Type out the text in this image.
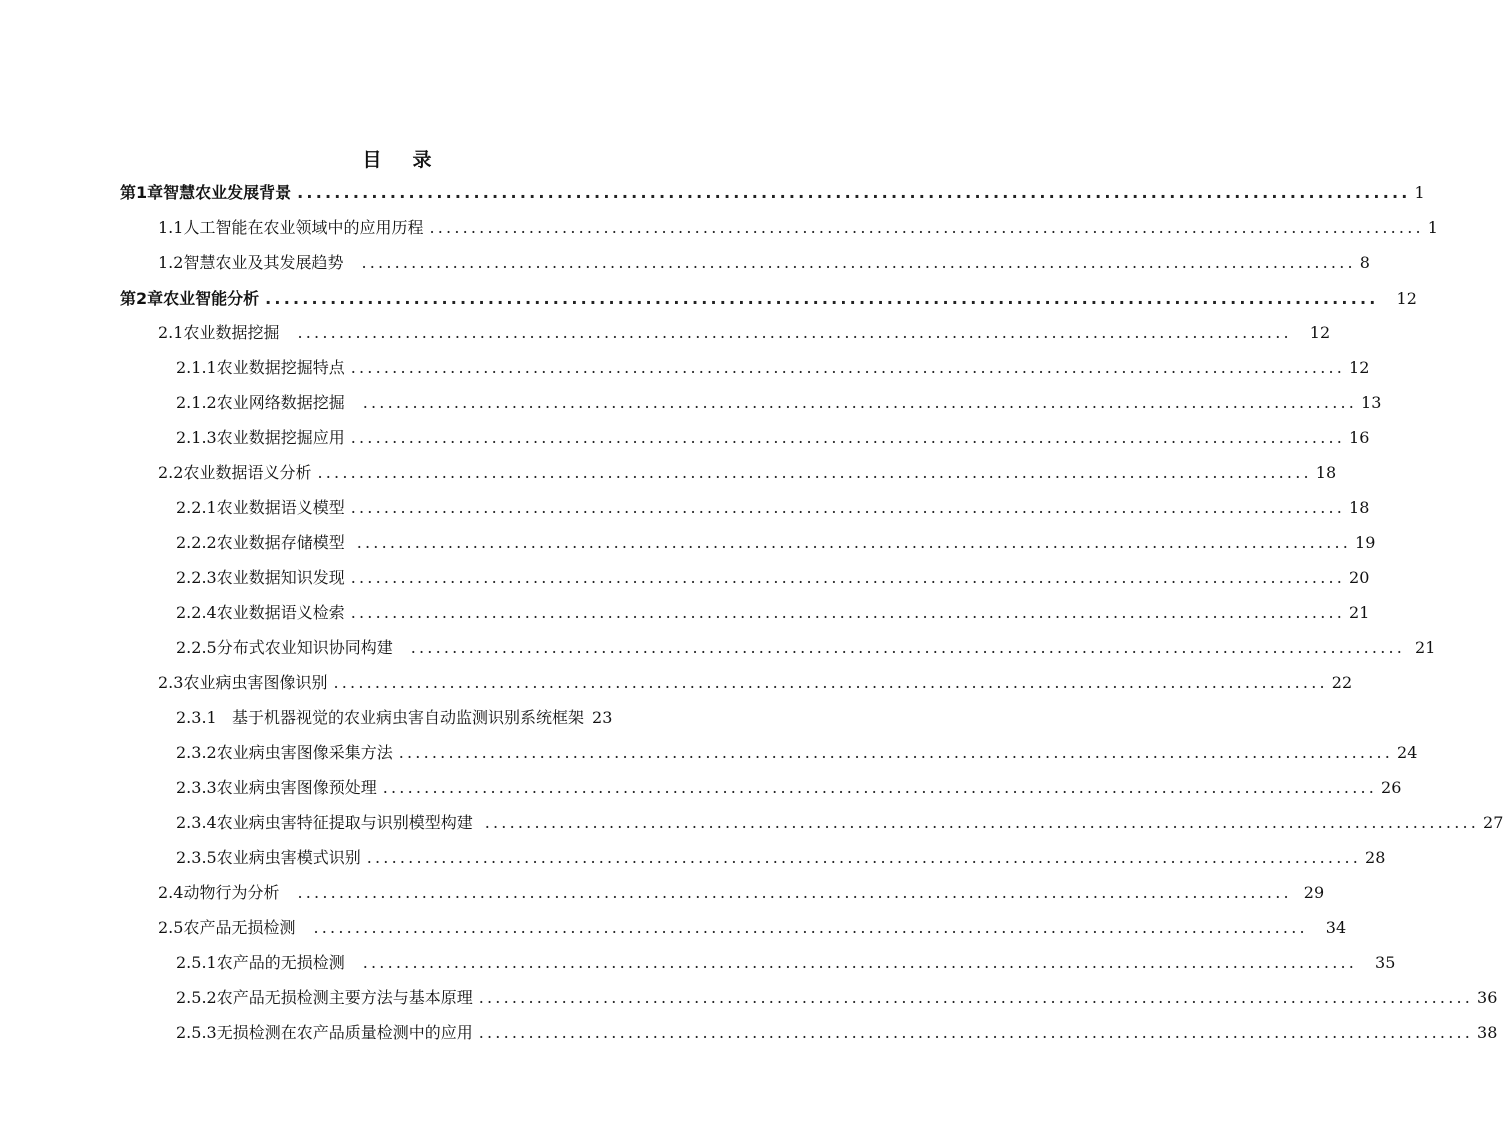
目 录
第1章 智慧农业发展背景 ........................................................................................................................ 1
1.1 人工智能在农业领域中的应用历程 ........................................................................................................................ 1
1.2 智慧农业及其发展趋势 ........................................................................................................................ 8
第2章 农业智能分析 ........................................................................................................................ 12
2.1 农业数据挖掘 ........................................................................................................................ 12
2.1.1 农业数据挖掘特点 ........................................................................................................................ 12
2.1.2 农业网络数据挖掘 ........................................................................................................................ 13
2.1.3 农业数据挖掘应用 ........................................................................................................................ 16
2.2 农业数据语义分析 ........................................................................................................................ 18
2.2.1 农业数据语义模型 ........................................................................................................................ 18
2.2.2 农业数据存储模型 ........................................................................................................................ 19
2.2.3 农业数据知识发现 ........................................................................................................................ 20
2.2.4 农业数据语义检索 ........................................................................................................................ 21
2.2.5 分布式农业知识协同构建 ........................................................................................................................ 21
2.3 农业病虫害图像识别 ........................................................................................................................ 22
2.3.1 基于机器视觉的农业病虫害自动监测识别系统框架 23
2.3.2 农业病虫害图像采集方法 ........................................................................................................................ 24
2.3.3 农业病虫害图像预处理 ........................................................................................................................ 26
2.3.4 农业病虫害特征提取与识别模型构建 ........................................................................................................................ 27
2.3.5 农业病虫害模式识别 ........................................................................................................................ 28
2.4 动物行为分析 ........................................................................................................................ 29
2.5 农产品无损检测 ........................................................................................................................ 34
2.5.1 农产品的无损检测 ........................................................................................................................ 35
2.5.2 农产品无损检测主要方法与基本原理 ........................................................................................................................ 36
2.5.3 无损检测在农产品质量检测中的应用 ........................................................................................................................ 38
